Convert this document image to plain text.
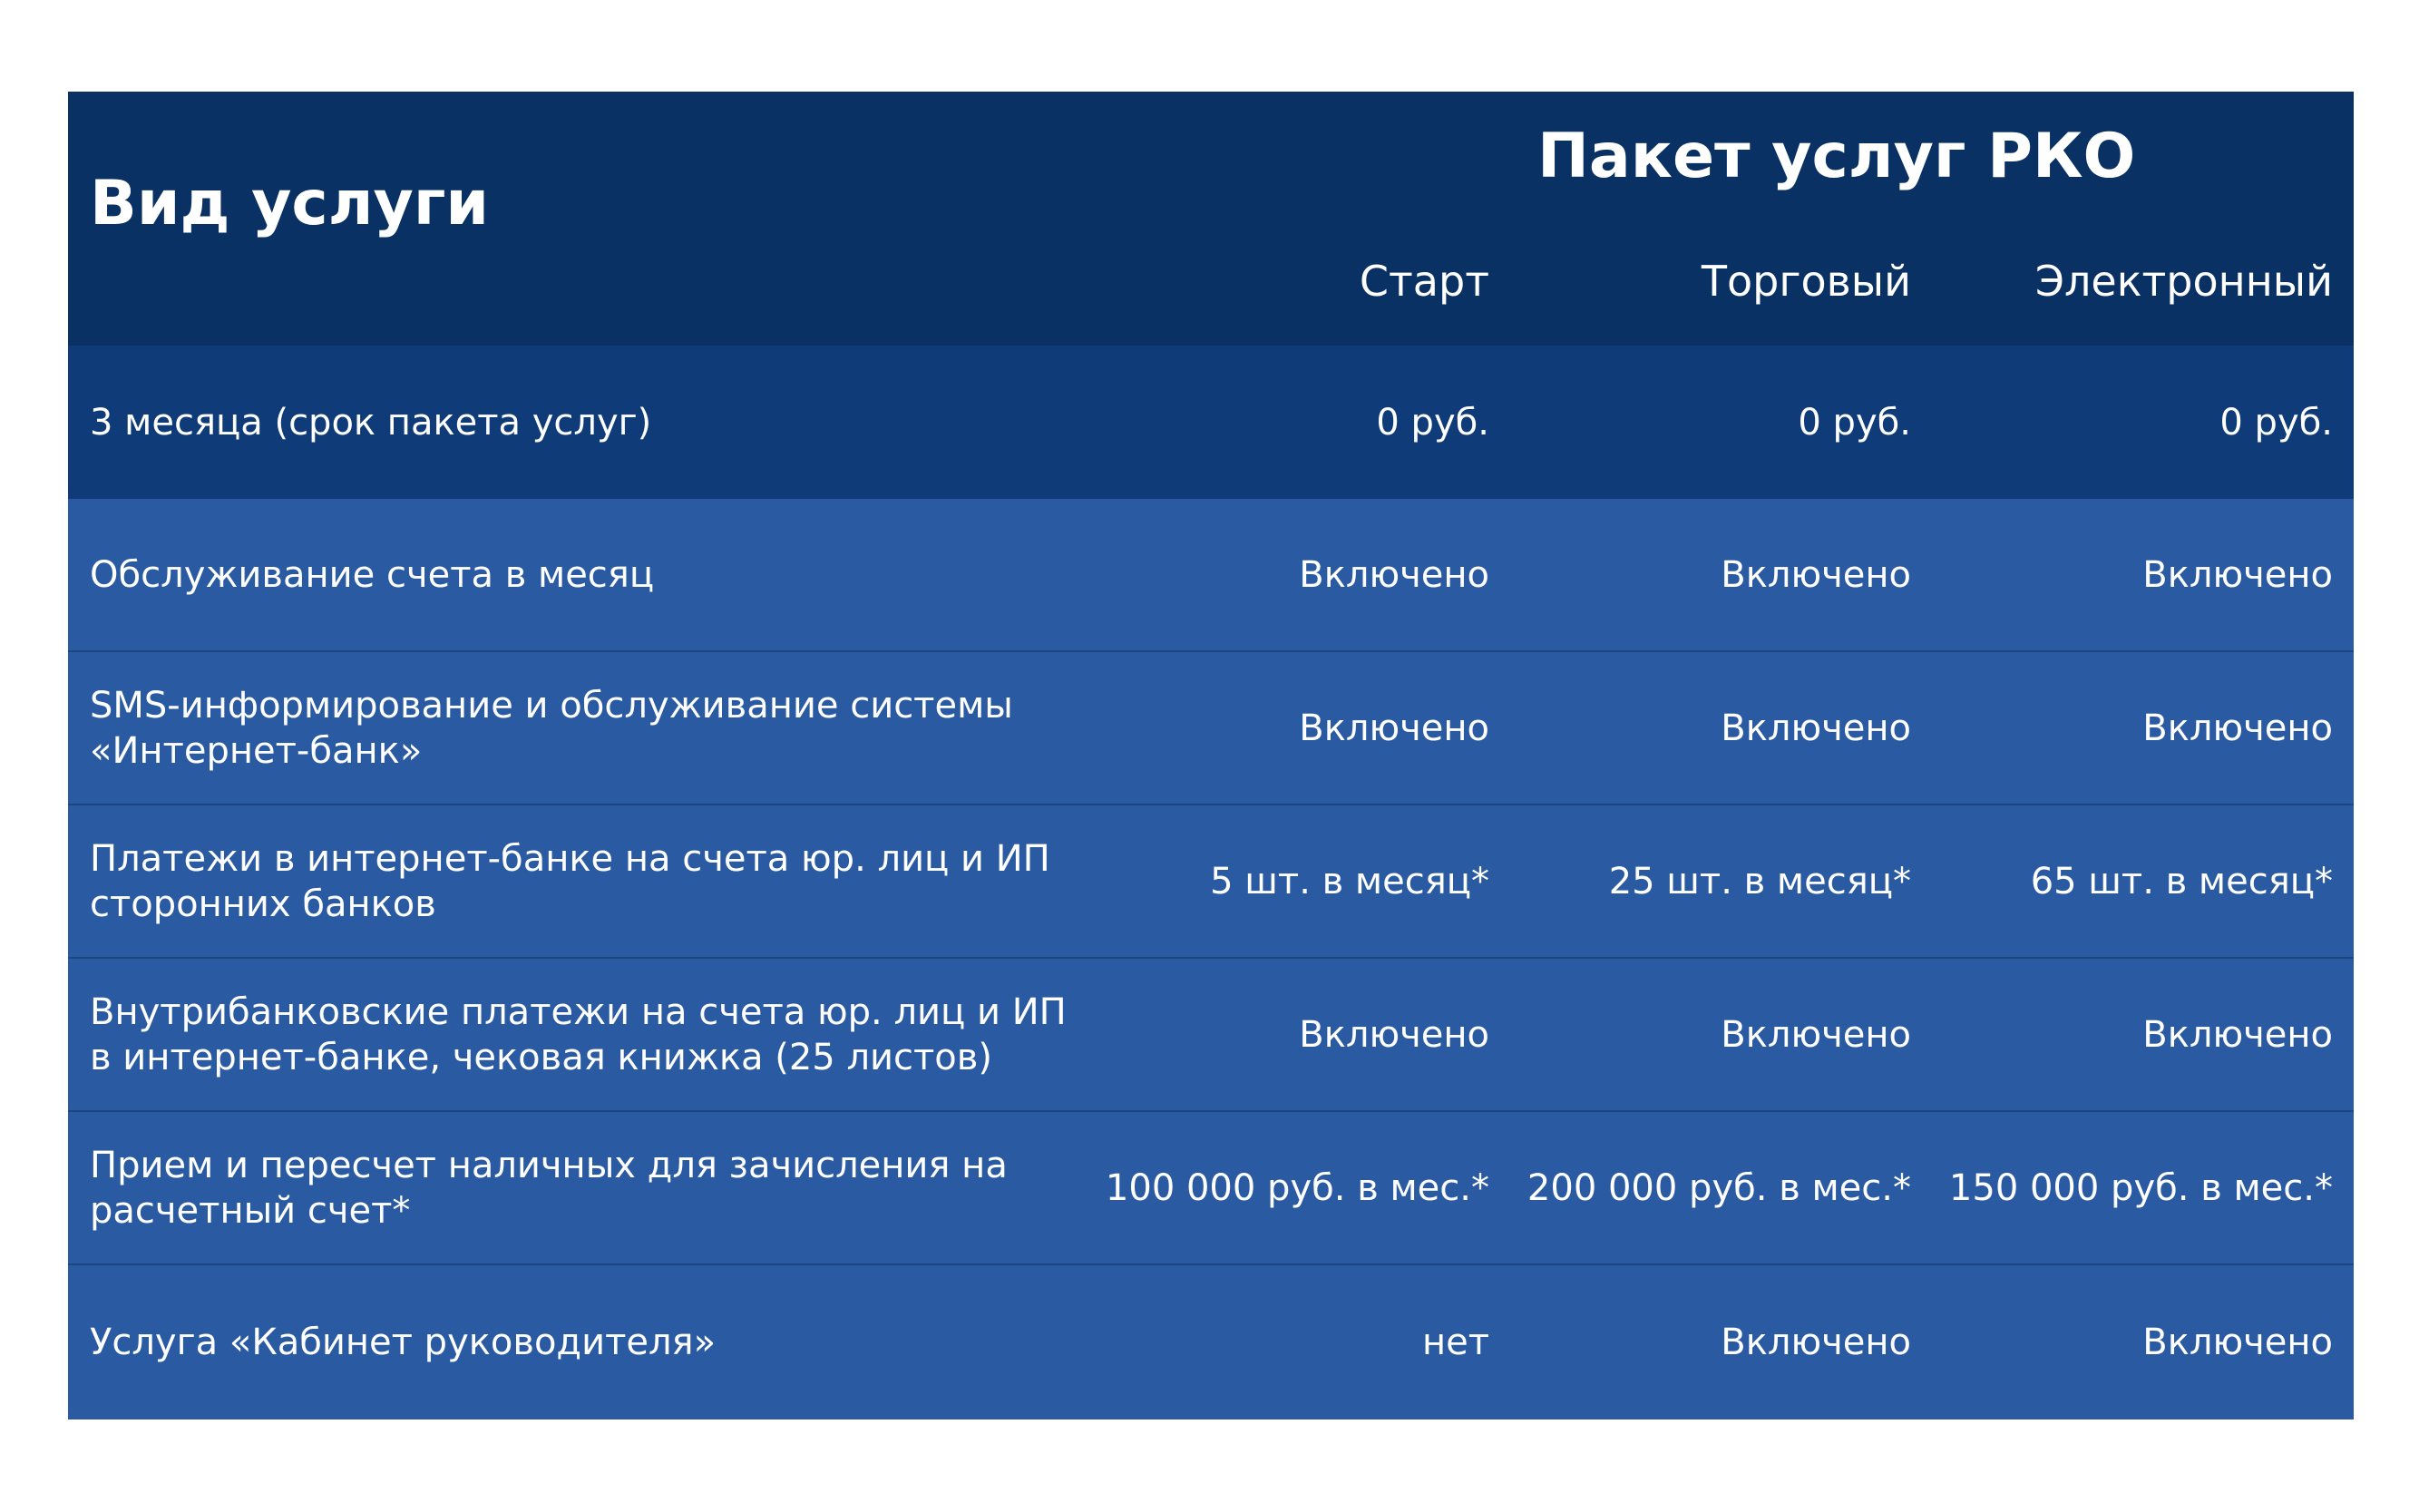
Вид услуги
Пакет услуг РКО
Старт	Торговый	Электронный
3 месяца (срок пакета услуг)	0 руб.	0 руб.	0 руб.
Обслуживание счета в месяц	Включено	Включено	Включено
SMS-информирование и обслуживание системы
«Интернет-банк»
Включено	Включено	Включено
Платежи в интернет-банке на счета юр. лиц и ИП
сторонних банков
5 шт. в месяц*	25 шт. в месяц*	65 шт. в месяц*
Внутрибанковские платежи на счета юр. лиц и ИП
в интернет-банке, чековая книжка (25 листов)
Включено	Включено	Включено
Прием и пересчет наличных для зачисления на
расчетный счет*
100 000 руб. в мес.* 200 000 руб. в мес.* 150 000 руб. в мес.*
Услуга «Кабинет руководителя»	нет	Включено	Включено
